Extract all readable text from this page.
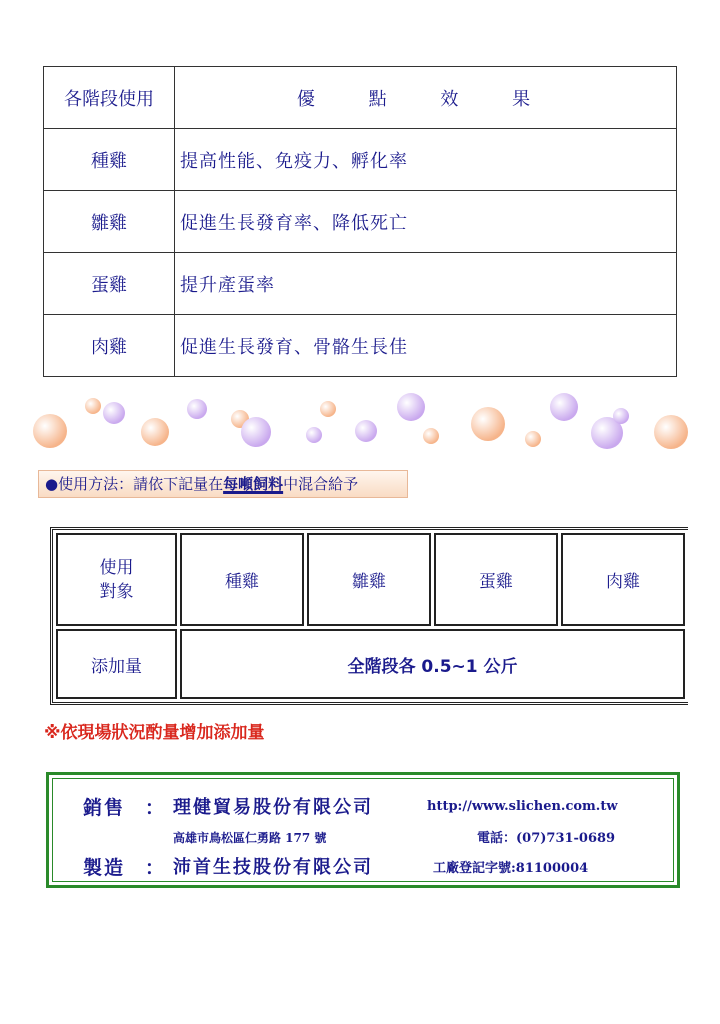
各階段使用	優 點 效 果
種雞	提高性能、免疫力、孵化率
雛雞	促進生長發育率、降低死亡
蛋雞	提升產蛋率
肉雞	促進生長發育、骨骼生長佳
●使用方法：請依下記量在每噸飼料中混合給予
使用
對象	種雞	雛雞	蛋雞	肉雞
添加量	全階段各 0.5~1 公斤			
※依現場狀況酌量增加添加量
銷售 ： 理健貿易股份有限公司	http://www.slichen.com.tw
高雄市鳥松區仁勇路 177 號	電話：(07)731-0689
製造 ： 沛首生技股份有限公司	工廠登記字號:81100004
